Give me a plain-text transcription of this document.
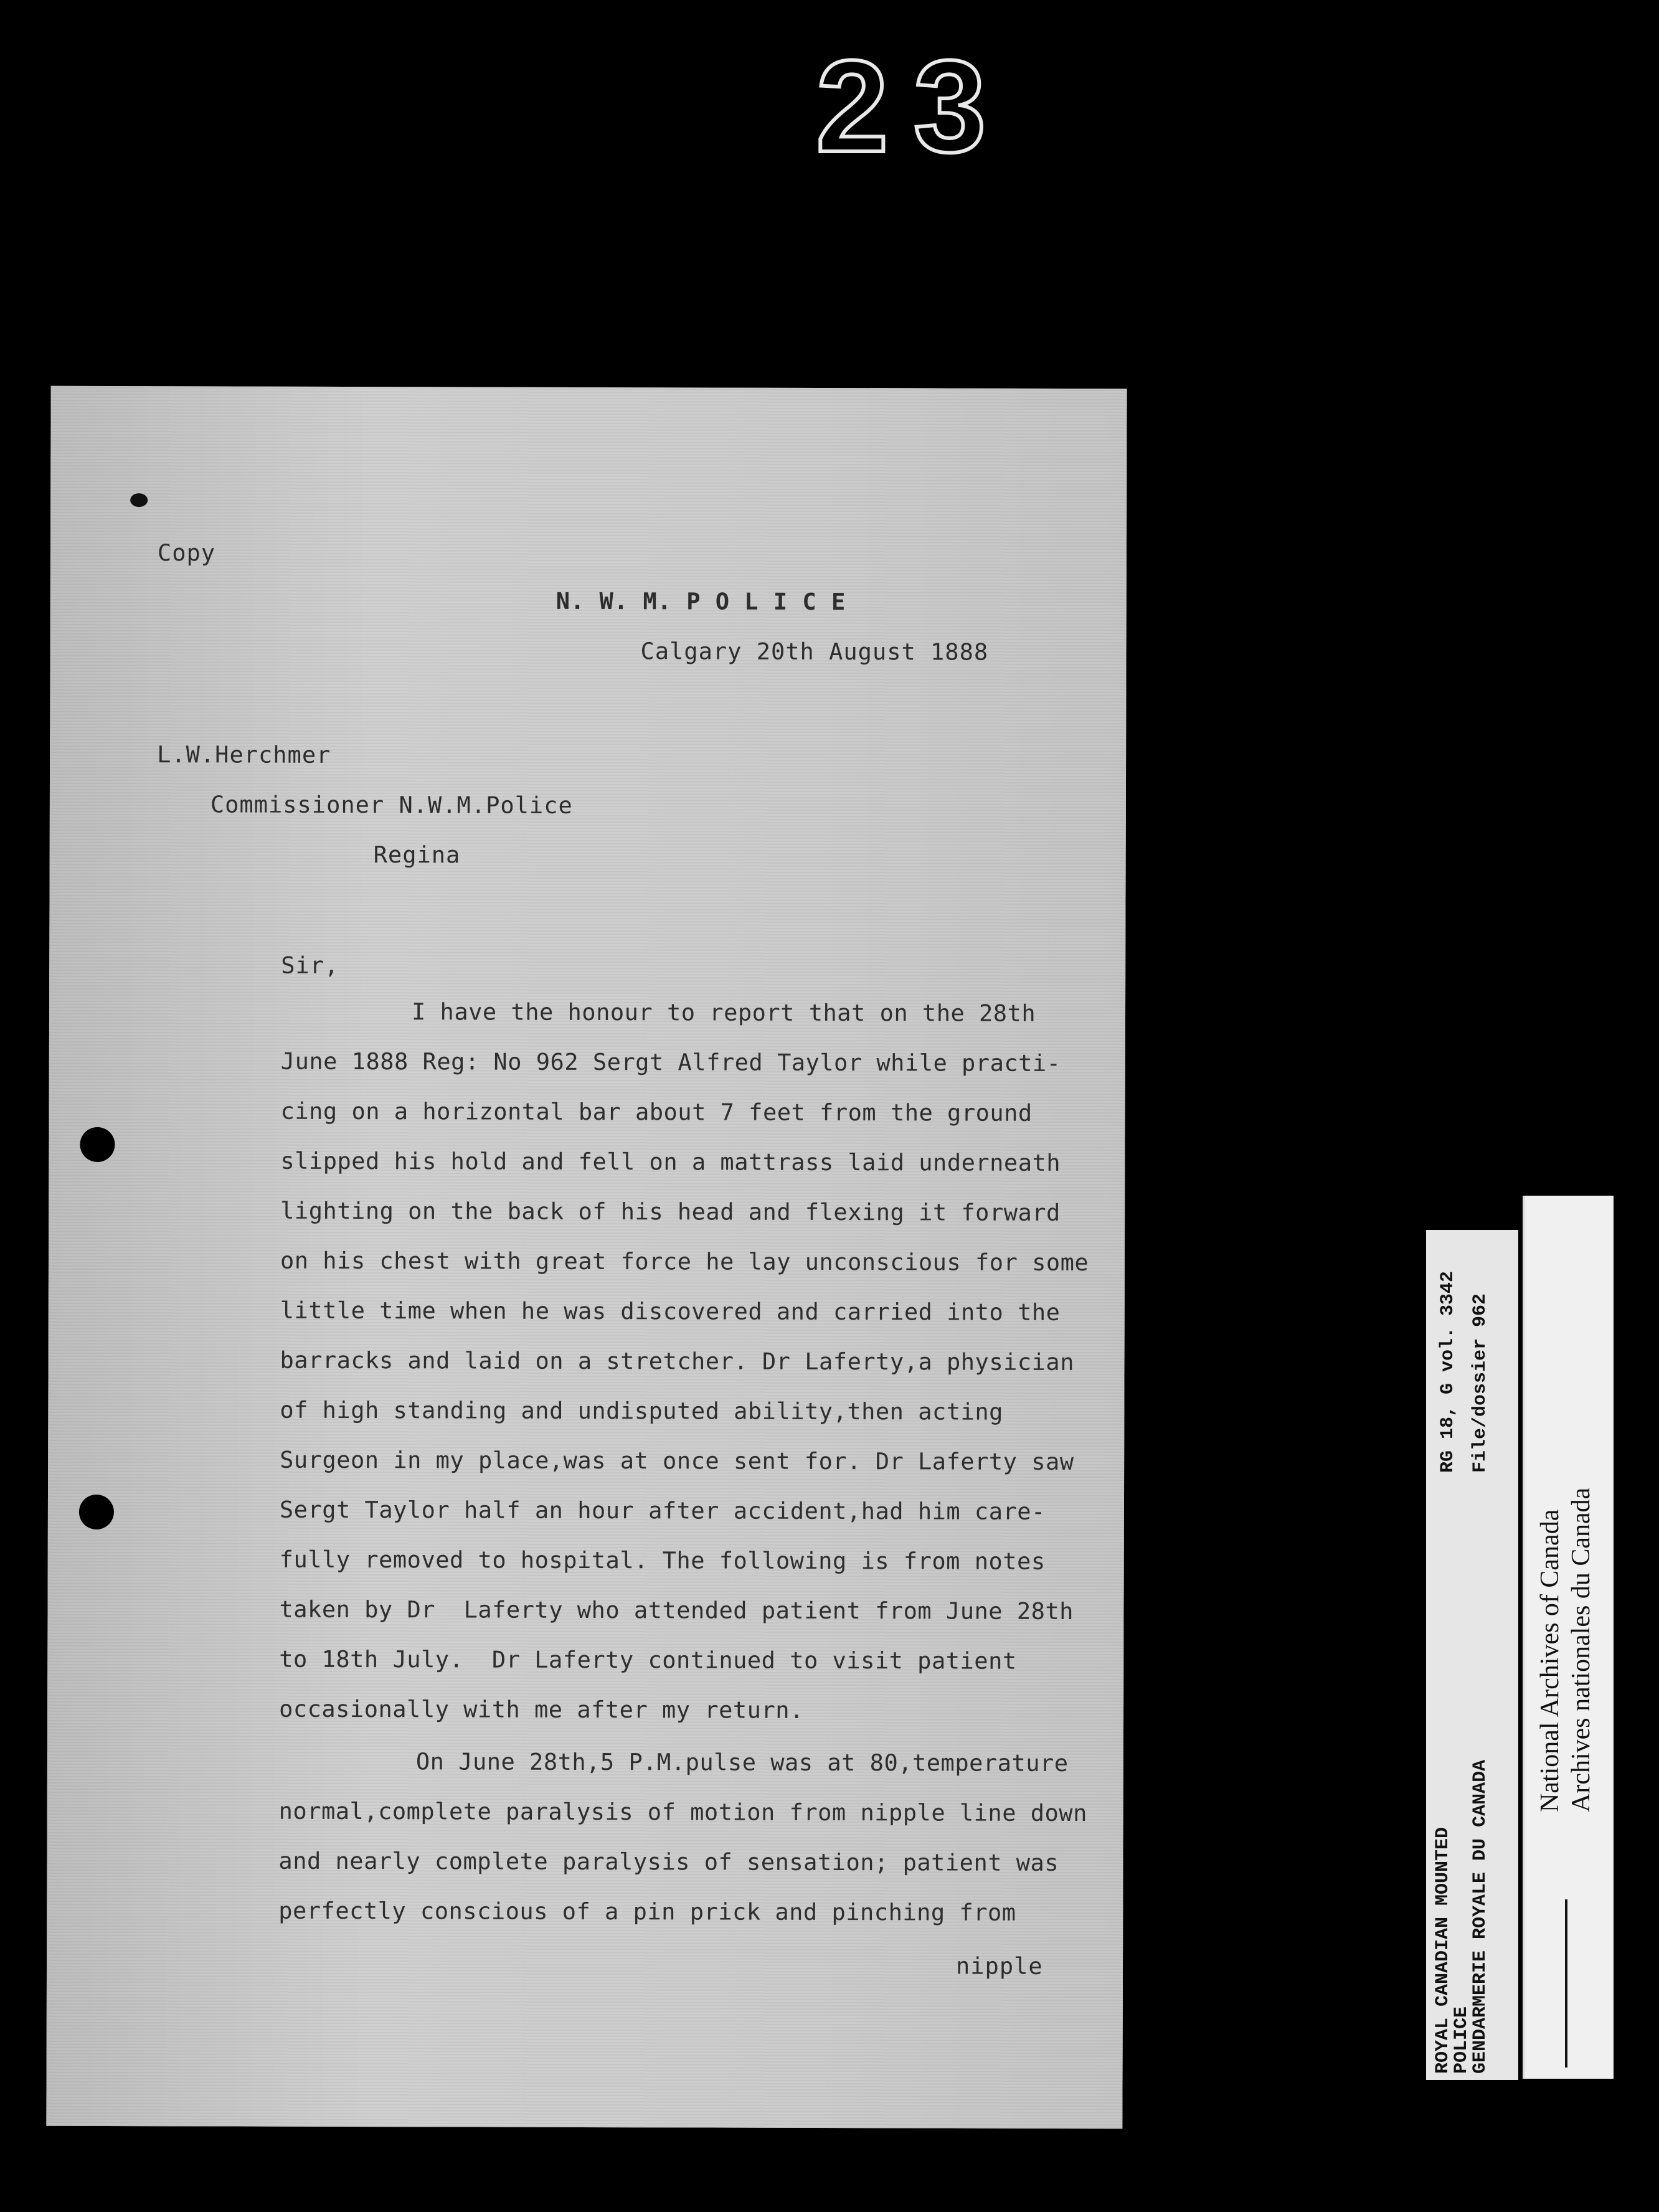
23
Copy
N. W. M. P O L I C E
Calgary 20th August 1888
L.W.Herchmer
Commissioner N.W.M.Police
Regina
Sir,
I have the honour to report that on the 28th
June 1888 Reg: No 962 Sergt Alfred Taylor while practi-
cing on a horizontal bar about 7 feet from the ground
slipped his hold and fell on a mattrass laid underneath
lighting on the back of his head and flexing it forward
on his chest with great force he lay unconscious for some
little time when he was discovered and carried into the
barracks and laid on a stretcher. Dr Laferty,a physician
of high standing and undisputed ability,then acting
Surgeon in my place,was at once sent for. Dr Laferty saw
Sergt Taylor half an hour after accident,had him care-
fully removed to hospital. The following is from notes
taken by Dr  Laferty who attended patient from June 28th
to 18th July.  Dr Laferty continued to visit patient
occasionally with me after my return.
On June 28th,5 P.M.pulse was at 80,temperature
normal,complete paralysis of motion from nipple line down
and nearly complete paralysis of sensation; patient was
perfectly conscious of a pin prick and pinching from
nipple	ROYAL CANADIAN MOUNTED
POLICE
GENDARMERIE ROYALE DU CANADA
RG 18, G vol. 3342 File/dossier 962
National Archives of Canada Archives nationales du Canada
